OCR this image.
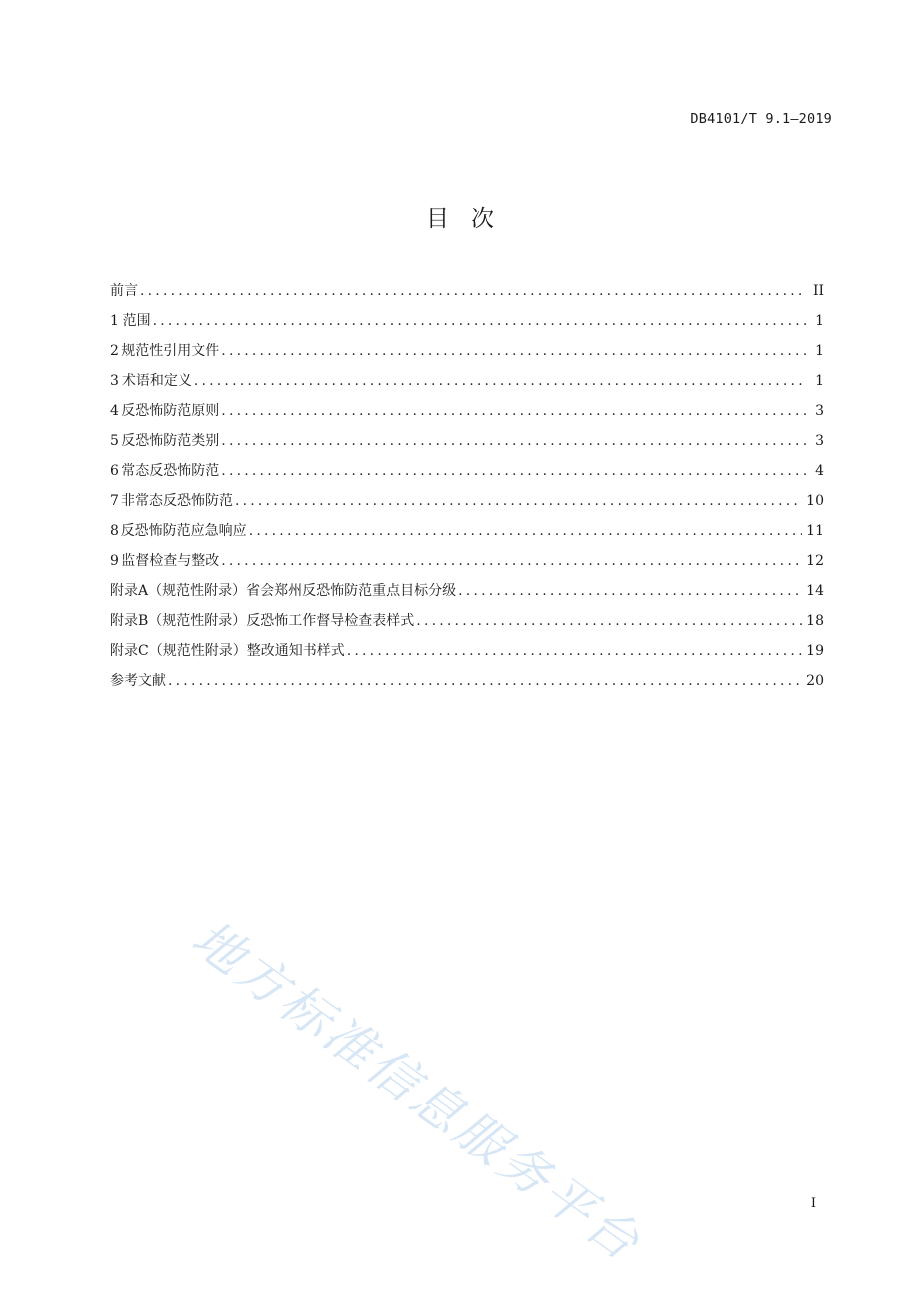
DB4101/T 9.1—2019
目次
前言 .....	II
1 范围 .....	1
2 规范性引用文件 .....	1
3 术语和定义 .....	1
4 反恐怖防范原则 .....	3
5 反恐怖防范类别 .....	3
6 常态反恐怖防范 .....	4
7 非常态反恐怖防范 .....	10
8 反恐怖防范应急响应 .....	11
9 监督检查与整改 .....	12
附录A（规范性附录） 省会郑州反恐怖防范重点目标分级 .....	14
附录B（规范性附录） 反恐怖工作督导检查表样式 .....	18
附录C（规范性附录） 整改通知书样式 .....	19
参考文献 .....	20
地方标准信息服务平台	I
